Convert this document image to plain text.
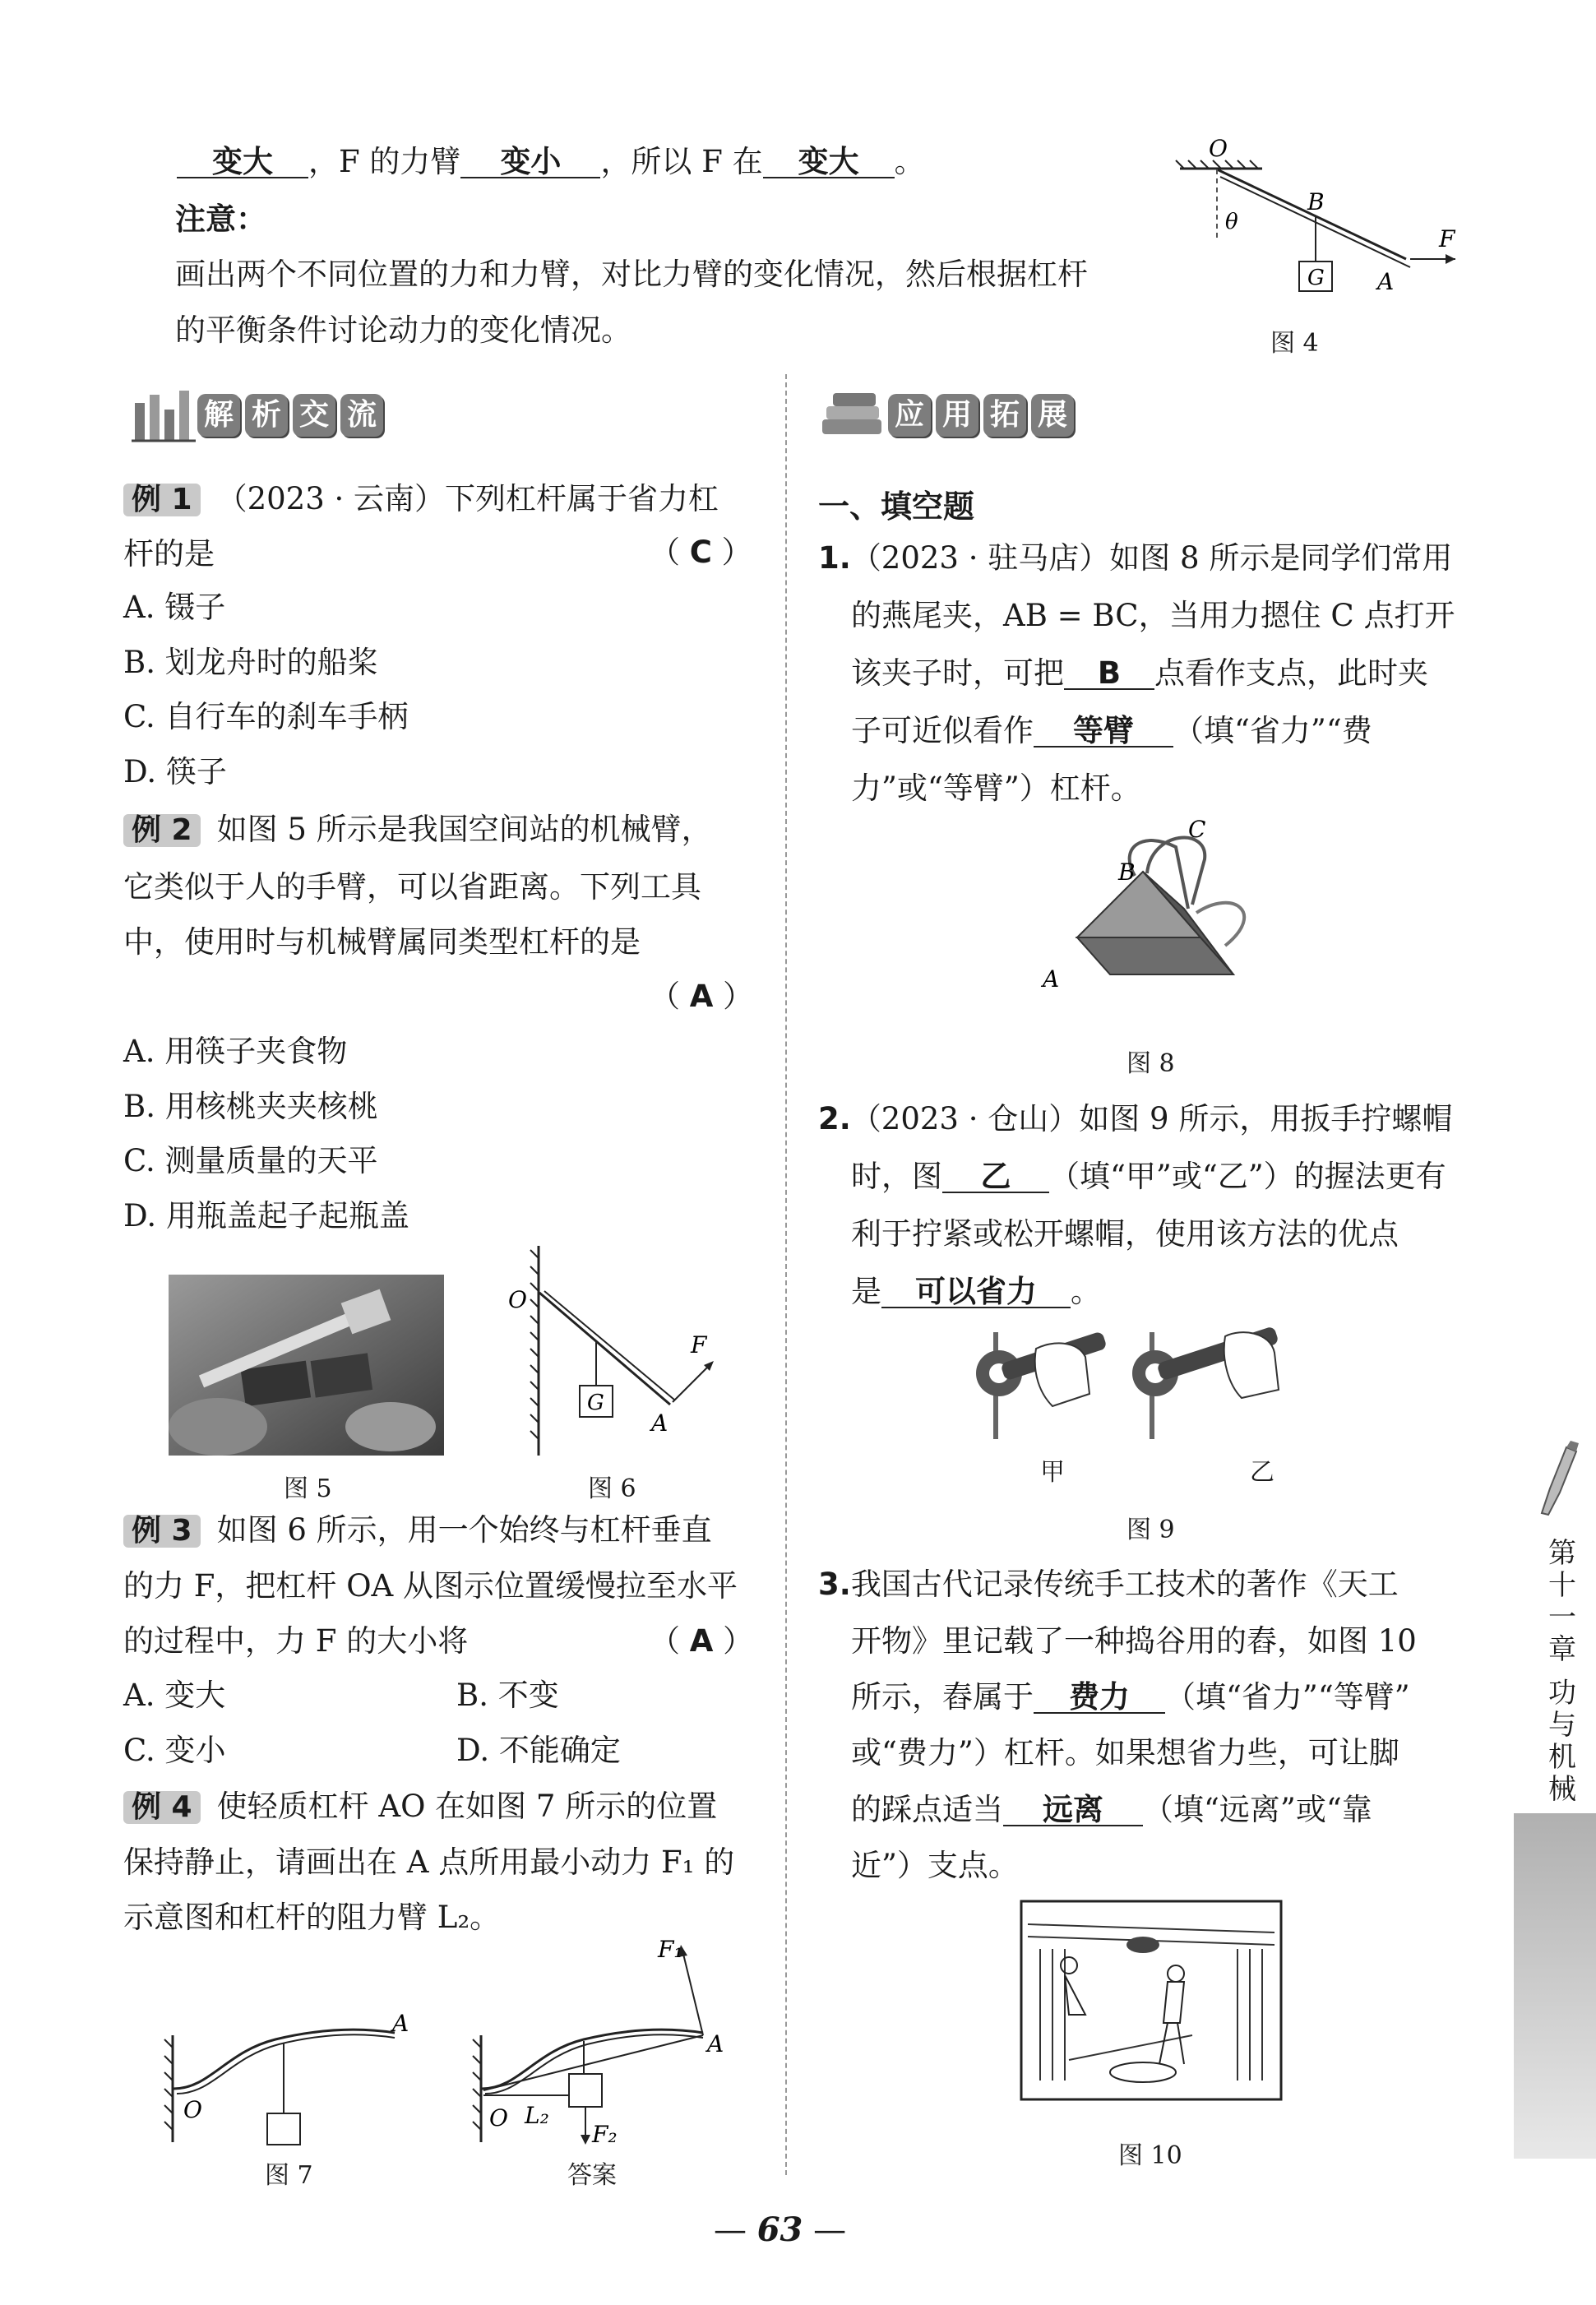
变大 ，F 的力臂 变小 ，所以 F 在 变大 。
注意：
画出两个不同位置的力和力臂，对比力臂的变化情况，然后根据杠杆
的平衡条件讨论动力的变化情况。
O
B
θ
F
G A
图 4
解 析 交 流	应 用 拓 展
例 1 （2023 · 云南）下列杠杆属于省力杠
杆的是	（ C ）
A. 镊子
B. 划龙舟时的船桨
C. 自行车的刹车手柄
D. 筷子
例 2 如图 5 所示是我国空间站的机械臂，
它类似于人的手臂，可以省距离。下列工具
中，使用时与机械臂属同类型杠杆的是
（ A ）
A. 用筷子夹食物
B. 用核桃夹夹核桃
C. 测量质量的天平
D. 用瓶盖起子起瓶盖
图 5
O
F
G
A
图 6
例 3 如图 6 所示，用一个始终与杠杆垂直
的力 F，把杠杆 OA 从图示位置缓慢拉至水平
的过程中，力 F 的大小将	（ A ）
A. 变大	B. 不变
C. 变小	D. 不能确定
例 4 使轻质杠杆 AO 在如图 7 所示的位置
保持静止，请画出在 A 点所用最小动力 F₁ 的
示意图和杠杆的阻力臂 L₂。
O
A
图 7
F₁
A
O L₂
F₂
答案
一、填空题
1.（2023 · 驻马店）如图 8 所示是同学们常用
的燕尾夹，AB = BC，当用力摁住 C 点打开
该夹子时，可把 B 点看作支点，此时夹
子可近似看作 等臂 （填“省力”“费
力”或“等臂”）杠杆。
C
B
A
图 8
2.（2023 · 仓山）如图 9 所示，用扳手拧螺帽
时，图 乙 （填“甲”或“乙”）的握法更有
利于拧紧或松开螺帽，使用该方法的优点
是 可以省力 。
甲	乙
图 9
3.我国古代记录传统手工技术的著作《天工
开物》里记载了一种捣谷用的舂，如图 10
所示，舂属于 费力 （填“省力”“等臂”
或“费力”）杠杆。如果想省力些，可让脚
的踩点适当 远离 （填“远离”或“靠
近”）支点。
图 10
第十一章
功与机械
— 63 —
